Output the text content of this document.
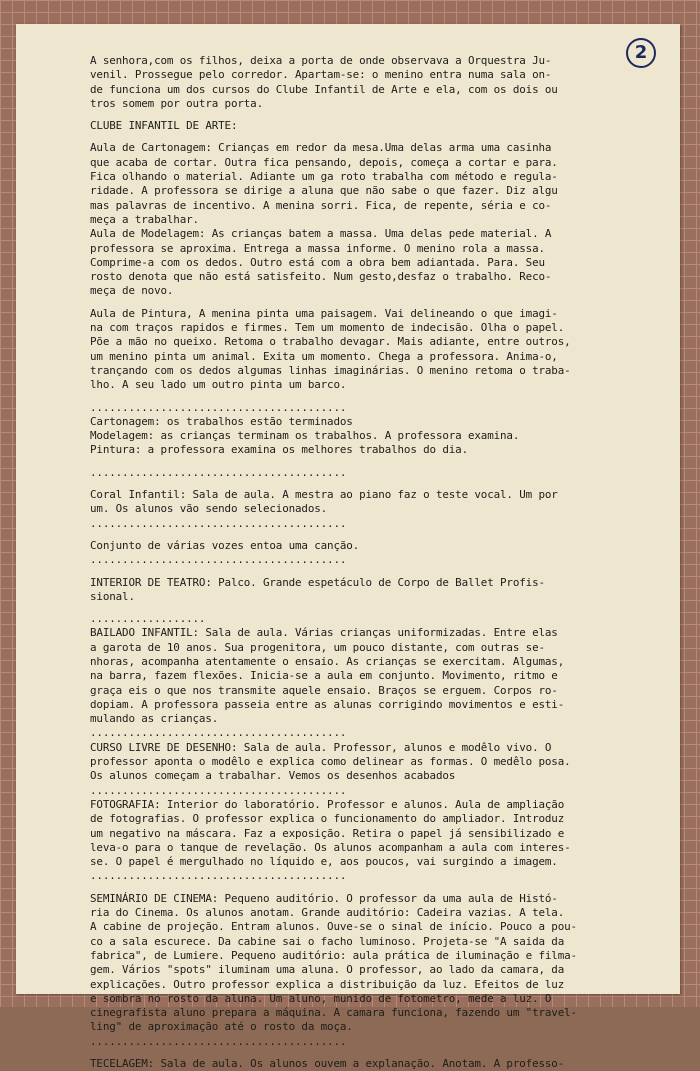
2
A senhora,com os filhos, deixa a porta de onde observava a Orquestra Ju-
venil. Prossegue pelo corredor. Apartam-se: o menino entra numa sala on-
de funciona um dos cursos do Clube Infantil de Arte e ela, com os dois ou
tros somem por outra porta.
CLUBE INFANTIL DE ARTE:
Aula de Cartonagem: Crianças em redor da mesa.Uma delas arma uma casinha
que acaba de cortar. Outra fica pensando, depois, começa a cortar e para.
Fica olhando o material. Adiante um ga roto trabalha com método e regula-
ridade. A professora se dirige a aluna que não sabe o que fazer. Diz algu
mas palavras de incentivo. A menina sorri. Fica, de repente, séria e co-
meça a trabalhar.
Aula de Modelagem: As crianças batem a massa. Uma delas pede material. A
professora se aproxima. Entrega a massa informe. O menino rola a massa.
Comprime-a com os dedos. Outro está com a obra bem adiantada. Para. Seu
rosto denota que não está satisfeito. Num gesto,desfaz o trabalho. Reco-
meça de novo.
Aula de Pintura, A menina pinta uma paisagem. Vai delineando o que imagi-
na com traços rapidos e firmes. Tem um momento de indecisão. Olha o papel.
Põe a mão no queixo. Retoma o trabalho devagar. Mais adiante, entre outros,
um menino pinta um animal. Exita um momento. Chega a professora. Anima-o,
trançando com os dedos algumas linhas imaginárias. O menino retoma o traba-
lho. A seu lado um outro pinta um barco.
........................................
Cartonagem: os trabalhos estão terminados
Modelagem: as crianças terminam os trabalhos. A professora examina.
Pintura: a professora examina os melhores trabalhos do dia.
........................................
Coral Infantil: Sala de aula. A mestra ao piano faz o teste vocal. Um por
um. Os alunos vão sendo selecionados.
........................................
Conjunto de várias vozes entoa uma canção.
........................................
INTERIOR DE TEATRO: Palco. Grande espetáculo de Corpo de Ballet Profis-
sional.
..................
BAILADO INFANTIL: Sala de aula. Várias crianças uniformizadas. Entre elas
a garota de 10 anos. Sua progenitora, um pouco distante, com outras se-
nhoras, acompanha atentamente o ensaio. As crianças se exercitam. Algumas,
na barra, fazem flexões. Inicia-se a aula em conjunto. Movimento, ritmo e
graça eis o que nos transmite aquele ensaio. Braços se erguem. Corpos ro-
dopiam. A professora passeia entre as alunas corrigindo movimentos e esti-
mulando as crianças.
........................................
CURSO LIVRE DE DESENHO: Sala de aula. Professor, alunos e modêlo vivo. O
professor aponta o modêlo e explica como delinear as formas. O medêlo posa.
Os alunos começam a trabalhar. Vemos os desenhos acabados
........................................
FOTOGRAFIA: Interior do laboratório. Professor e alunos. Aula de ampliação
de fotografias. O professor explica o funcionamento do ampliador. Introduz
um negativo na máscara. Faz a exposição. Retira o papel já sensibilizado e
leva-o para o tanque de revelação. Os alunos acompanham a aula com interes-
se. O papel é mergulhado no líquido e, aos poucos, vai surgindo a imagem.
........................................
SEMINÁRIO DE CINEMA: Pequeno auditório. O professor da uma aula de Histó-
ria do Cinema. Os alunos anotam. Grande auditório: Cadeira vazias. A tela.
A cabine de projeção. Entram alunos. Ouve-se o sinal de início. Pouco a pou-
co a sala escurece. Da cabine sai o facho luminoso. Projeta-se "A saida da
fabrica", de Lumiere. Pequeno auditório: aula prática de iluminação e filma-
gem. Vários "spots" iluminam uma aluna. O professor, ao lado da camara, da
explicações. Outro professor explica a distribuição da luz. Efeitos de luz
e sombra no rosto da aluna. Um aluno, munido de fotometro, mede a luz. O
cinegrafista aluno prepara a máquina. A camara funciona, fazendo um "travel-
ling" de aproximação até o rosto da moça.
........................................
TECELAGEM: Sala de aula. Os alunos ouvem a explanação. Anotam. A professo-
